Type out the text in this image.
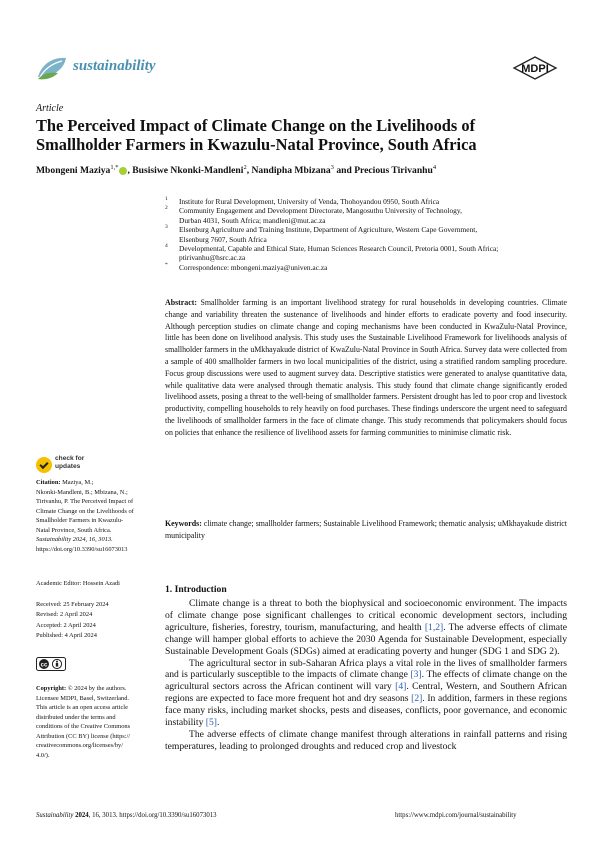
sustainability	MDPI
Article
The Perceived Impact of Climate Change on the Livelihoods of
Smallholder Farmers in Kwazulu-Natal Province, South Africa
Mbongeni Maziya$^{1,*}$ , Busisiwe Nkonki-Mandleni$^2$, Nandipha Mbizana$^3$ and Precious Tirivanhu$^4$
1 Institute for Rural Development, University of Venda, Thohoyandou 0950, South Africa
2 Community Engagement and Development Directorate, Mangosuthu University of Technology,
Durban 4031, South Africa; mandleni@mut.ac.za
3 Elsenburg Agriculture and Training Institute, Department of Agriculture, Western Cape Government,
Elsenburg 7607, South Africa
4 Developmental, Capable and Ethical State, Human Sciences Research Council, Pretoria 0001, South Africa;
ptirivanhu@hsrc.ac.za
* Correspondence: mbongeni.maziya@univen.ac.za
Abstract: Smallholder farming is an important livelihood strategy for rural households in developing countries. Climate change and variability threaten the sustenance of livelihoods and hinder efforts to eradicate poverty and food insecurity. Although perception studies on climate change and coping mechanisms have been conducted in KwaZulu-Natal Province, little has been done on livelihood analysis. This study uses the Sustainable Livelihood Framework for livelihoods analysis of smallholder farmers in the uMkhayakude district of KwaZulu-Natal Province in South Africa. Survey data were collected from a sample of 400 smallholder farmers in two local municipalities of the district, using a stratified random sampling procedure. Focus group discussions were used to augment survey data. Descriptive statistics were generated to analyse quantitative data, while qualitative data were analysed through thematic analysis. This study found that climate change significantly eroded livelihood assets, posing a threat to the well-being of smallholder farmers. Persistent drought has led to poor crop and livestock productivity, compelling households to rely heavily on food purchases. These findings underscore the urgent need to safeguard the livelihoods of smallholder farmers in the face of climate change. This study recommends that policymakers should focus on policies that enhance the resilience of livelihood assets for farming communities to minimise climatic risk.
Keywords: climate change; smallholder farmers; Sustainable Livelihood Framework; thematic analysis; uMkhayakude district municipality
check for
updates
Citation: Maziya, M.;
Nkonki-Mandleni, B.; Mbizana, N.;
Tirivanhu, P. The Perceived Impact of
Climate Change on the Livelihoods of
Smallholder Farmers in Kwazulu-
Natal Province, South Africa.
Sustainability 2024, 16, 3013.
https://doi.org/10.3390/su16073013
Academic Editor: Hossein Azadi
Received: 25 February 2024
Revised: 2 April 2024
Accepted: 2 April 2024
Published: 4 April 2024
cc
Copyright: © 2024 by the authors.
Licensee MDPI, Basel, Switzerland.
This article is an open access article
distributed under the terms and
conditions of the Creative Commons
Attribution (CC BY) license (https://
creativecommons.org/licenses/by/
4.0/).
1. Introduction

Climate change is a threat to both the biophysical and socioeconomic environment. The impacts of climate change pose significant challenges to critical economic development sectors, including agriculture, fisheries, forestry, tourism, manufacturing, and health [1,2]. The adverse effects of climate change will hamper global efforts to achieve the 2030 Agenda for Sustainable Development, especially Sustainable Development Goals (SDGs) aimed at eradicating poverty and hunger (SDG 1 and SDG 2).

The agricultural sector in sub-Saharan Africa plays a vital role in the lives of smallholder farmers and is particularly susceptible to the impacts of climate change [3]. The effects of climate change on the agricultural sectors across the African continent will vary [4]. Central, Western, and Southern African regions are expected to face more frequent hot and dry seasons [2]. In addition, farmers in these regions face many risks, including market shocks, pests and diseases, conflicts, poor governance, and economic instability [5].

The adverse effects of climate change manifest through alterations in rainfall patterns and rising temperatures, leading to prolonged droughts and reduced crop and livestock

Sustainability 2024, 16, 3013. https://doi.org/10.3390/su16073013	https://www.mdpi.com/journal/sustainability
